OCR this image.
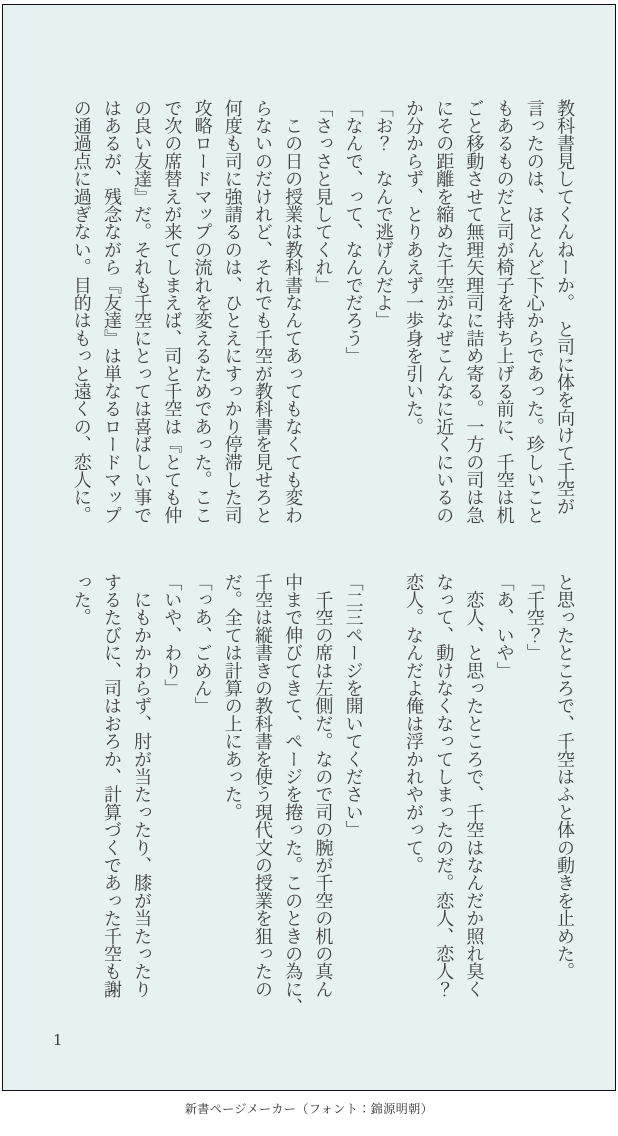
教科書見してくんねーか。　と司に体を向けて千空が
言ったのは、ほとんど下心からであった。珍しいこと
もあるものだと司が椅子を持ち上げる前に、千空は机
ごと移動させて無理矢理司に詰め寄る。一方の司は急
にその距離を縮めた千空がなぜこんなに近くにいるの
か分からず、とりあえず一歩身を引いた。
「お？　なんで逃げんだよ」
「なんで、って、なんでだろう」
「さっさと見してくれ」
　この日の授業は教科書なんてあってもなくても変わ
らないのだけれど、それでも千空が教科書を見せろと
何度も司に強請るのは、ひとえにすっかり停滞した司
攻略ロードマップの流れを変えるためであった。ここ
で次の席替えが来てしまえば、司と千空は『とても仲
の良い友達』だ。それも千空にとっては喜ばしい事で
はあるが、残念ながら『友達』は単なるロードマップ
の通過点に過ぎない。目的はもっと遠くの、恋人に。
と思ったところで、千空はふと体の動きを止めた。
「千空？」
「あ、いや」
　恋人、と思ったところで、千空はなんだか照れ臭く
なって、動けなくなってしまったのだ。恋人、恋人？
恋人。なんだよ俺は浮かれやがって。

「二三ページを開いてください」
　千空の席は左側だ。なので司の腕が千空の机の真ん
中まで伸びてきて、ページを捲った。このときの為に、
千空は縦書きの教科書を使う現代文の授業を狙ったの
だ。全ては計算の上にあった。
「っあ、ごめん」
「いや、わり」
　にもかかわらず、肘が当たったり、膝が当たったり
するたびに、司はおろか、計算づくであった千空も謝
った。
1
新書ページメーカー（フォント：錦源明朝）
